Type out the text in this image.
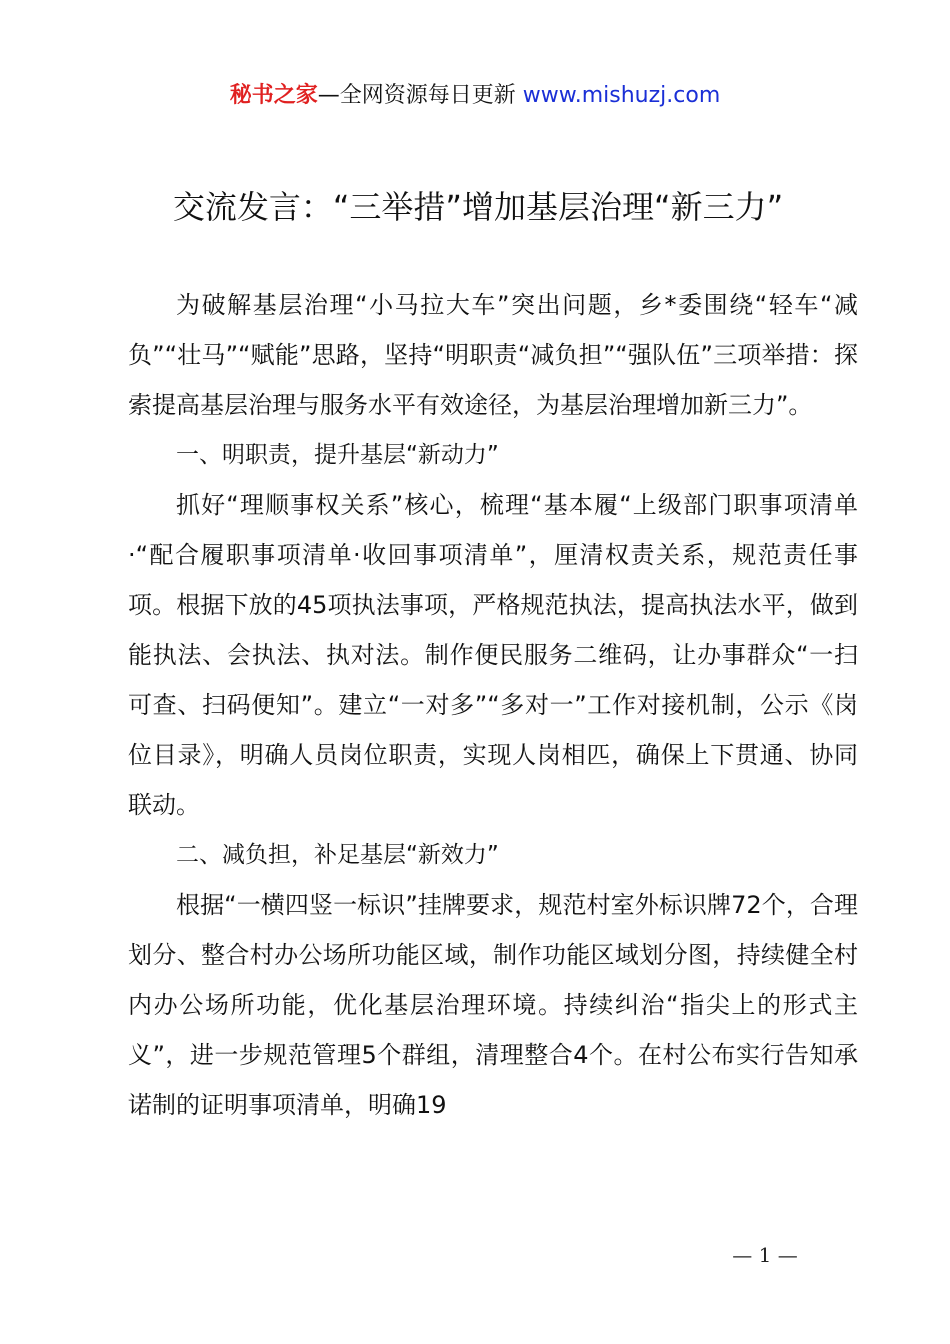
秘书之家—全网资源每日更新 www.mishuzj.com
交流发言：“三举措”增加基层治理“新三力”

为破解基层治理“小马拉大车”突出问题，乡*委围绕“轻车“减负”“壮马”“赋能”思路，坚持“明职责“减负担”“强队伍”三项举措：探索提高基层治理与服务水平有效途径，为基层治理增加新三力”。

一、明职责，提升基层“新动力”

抓好“理顺事权关系”核心，梳理“基本履“上级部门职事项清单·“配合履职事项清单·收回事项清单”，厘清权责关系，规范责任事项。根据下放的45项执法事项，严格规范执法，提高执法水平，做到能执法、会执法、执对法。制作便民服务二维码，让办事群众“一扫可查、扫码便知”。建立“一对多”“多对一”工作对接机制，公示《岗位目录》，明确人员岗位职责，实现人岗相匹，确保上下贯通、协同联动。

二、减负担，补足基层“新效力”

根据“一横四竖一标识”挂牌要求，规范村室外标识牌72个，合理划分、整合村办公场所功能区域，制作功能区域划分图，持续健全村内办公场所功能，优化基层治理环境。持续纠治“指尖上的形式主义”，进一步规范管理5个群组，清理整合4个。在村公布实行告知承诺制的证明事项清单，明确19

— 1 —
